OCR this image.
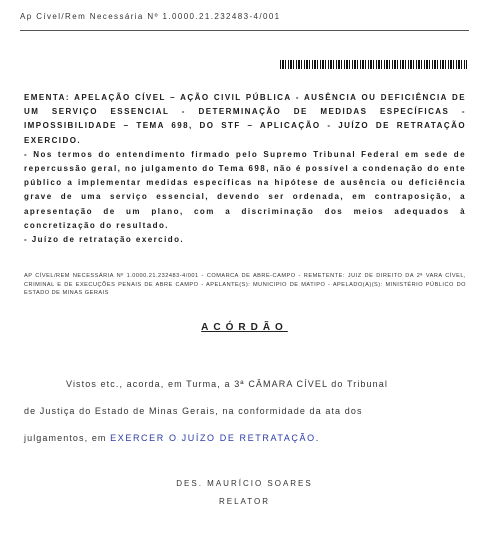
Ap Cível/Rem Necessária Nº 1.0000.21.232483-4/001

EMENTA: APELAÇÃO CÍVEL – AÇÃO CIVIL PÚBLICA - AUSÊNCIA OU DEFICIÊNCIA DE UM SERVIÇO ESSENCIAL - DETERMINAÇÃO DE MEDIDAS ESPECÍFICAS - IMPOSSIBILIDADE – TEMA 698, DO STF – APLICAÇÃO - JUÍZO DE RETRATAÇÃO EXERCIDO.

- Nos termos do entendimento firmado pelo Supremo Tribunal Federal em sede de repercussão geral, no julgamento do Tema 698, não é possível a condenação do ente público a implementar medidas específicas na hipótese de ausência ou deficiência grave de uma serviço essencial, devendo ser ordenada, em contraposição, a apresentação de um plano, com a discriminação dos meios adequados à concretização do resultado.

- Juízo de retratação exercido.

AP CÍVEL/REM NECESSÁRIA Nº 1.0000.21.232483-4/001 - COMARCA DE ABRE-CAMPO - REMETENTE: JUIZ DE DIREITO DA 2ª VARA CÍVEL, CRIMINAL E DE EXECUÇÕES PENAIS DE ABRE CAMPO - APELANTE(S): MUNICIPIO DE MATIPO - APELADO(A)(S): MINISTÉRIO PÚBLICO DO ESTADO DE MINAS GERAIS
ACÓRDÃO
Vistos etc., acorda, em Turma, a 3ª CÂMARA CÍVEL do Tribunal
de Justiça do Estado de Minas Gerais, na conformidade da ata dos
julgamentos, em EXERCER O JUÍZO DE RETRATAÇÃO.
DES. MAURÍCIO SOARES
RELATOR
